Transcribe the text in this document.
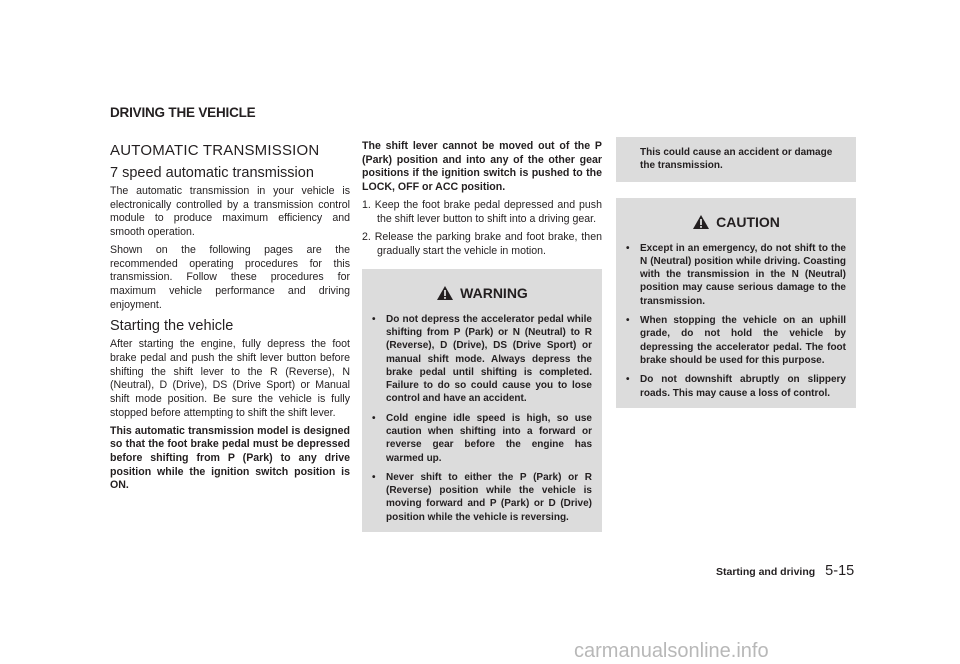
DRIVING THE VEHICLE
AUTOMATIC TRANSMISSION
7 speed automatic transmission

The automatic transmission in your vehicle is electronically controlled by a transmission control module to produce maximum efficiency and smooth operation.

Shown on the following pages are the recommended operating procedures for this transmission. Follow these procedures for maximum vehicle performance and driving enjoyment.

Starting the vehicle

After starting the engine, fully depress the foot brake pedal and push the shift lever button before shifting the shift lever to the R (Reverse), N (Neutral), D (Drive), DS (Drive Sport) or Manual shift mode position. Be sure the vehicle is fully stopped before attempting to shift the shift lever.

This automatic transmission model is designed so that the foot brake pedal must be depressed before shifting from P (Park) to any drive position while the ignition switch position is ON.

The shift lever cannot be moved out of the P (Park) position and into any of the other gear positions if the ignition switch is pushed to the LOCK, OFF or ACC position.

1. Keep the foot brake pedal depressed and push the shift lever button to shift into a driving gear.
2. Release the parking brake and foot brake, then gradually start the vehicle in motion.
WARNING
•	Do not depress the accelerator pedal while shifting from P (Park) or N (Neutral) to R (Reverse), D (Drive), DS (Drive Sport) or manual shift mode. Always depress the brake pedal until shifting is completed. Failure to do so could cause you to lose control and have an accident.
•	Cold engine idle speed is high, so use caution when shifting into a forward or reverse gear before the engine has warmed up.
•	Never shift to either the P (Park) or R (Reverse) position while the vehicle is moving forward and P (Park) or D (Drive) position while the vehicle is reversing.
This could cause an accident or damage the transmission.
CAUTION
•	Except in an emergency, do not shift to the N (Neutral) position while driving. Coasting with the transmission in the N (Neutral) position may cause serious damage to the transmission.
•	When stopping the vehicle on an uphill grade, do not hold the vehicle by depressing the accelerator pedal. The foot brake should be used for this purpose.
•	Do not downshift abruptly on slippery roads. This may cause a loss of control.
Starting and driving 5-15
carmanualsonline.info
